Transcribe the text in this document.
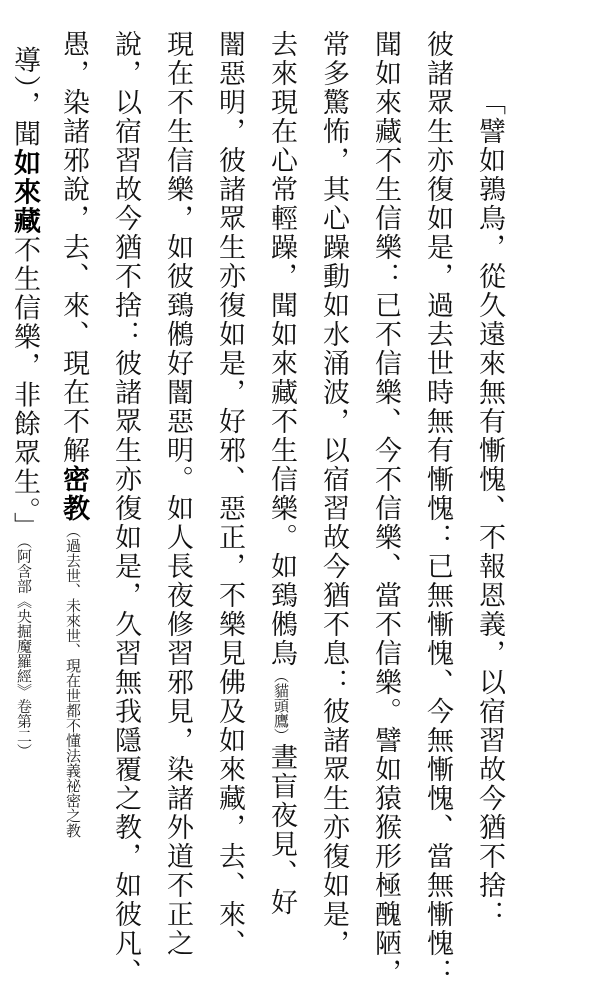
「譬如鶉鳥，從久遠來無有慚愧、不報恩義，以宿習故今猶不捨：
彼諸眾生亦復如是，過去世時無有慚愧：已無慚愧、今無慚愧、當無慚愧：
聞如來藏不生信樂：已不信樂、今不信樂、當不信樂。譬如猿猴形極醜陋，
常多驚怖，其心躁動如水涌波，以宿習故今猶不息：彼諸眾生亦復如是，
去來現在心常輕躁，聞如來藏不生信樂。如鵄鵂鳥（貓頭鷹）晝盲夜見、好
闇惡明，彼諸眾生亦復如是，好邪、惡正，不樂見佛及如來藏，去、來、
現在不生信樂，如彼鵄鵂好闇惡明。如人長夜修習邪見，染諸外道不正之
說，以宿習故今猶不捨：彼諸眾生亦復如是，久習無我隱覆之教，如彼凡、
愚，染諸邪說，去、來、現在不解密教（過去世、未來世、現在世都不懂法義祕密之教
導），聞如來藏不生信樂，非餘眾生。」（阿含部《央掘魔羅經》卷第二）
